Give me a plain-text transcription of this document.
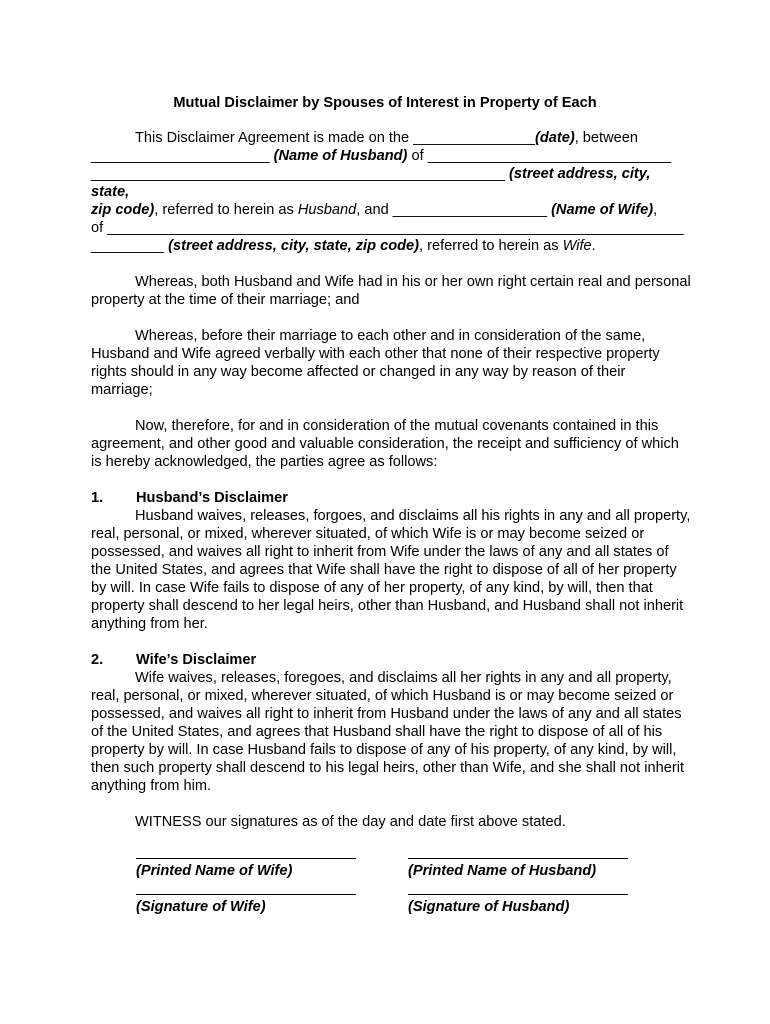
Mutual Disclaimer by Spouses of Interest in Property of Each

This Disclaimer Agreement is made on the _______________(date), between
______________________ (Name of Husband) of ______________________________
___________________________________________________ (street address, city, state,
zip code), referred to herein as Husband, and ___________________ (Name of Wife),
of _______________________________________________________________________
_________ (street address, city, state, zip code), referred to herein as Wife.

Whereas, both Husband and Wife had in his or her own right certain real and personal property at the time of their marriage; and

Whereas, before their marriage to each other and in consideration of the same, Husband and Wife agreed verbally with each other that none of their respective property rights should in any way become affected or changed in any way by reason of their marriage;

Now, therefore, for and in consideration of the mutual covenants contained in this agreement, and other good and valuable consideration, the receipt and sufficiency of which is hereby acknowledged, the parties agree as follows:

1. Husband’s Disclaimer

Husband waives, releases, forgoes, and disclaims all his rights in any and all property, real, personal, or mixed, wherever situated, of which Wife is or may become seized or possessed, and waives all right to inherit from Wife under the laws of any and all states of the United States, and agrees that Wife shall have the right to dispose of all of her property by will. In case Wife fails to dispose of any of her property, of any kind, by will, then that property shall descend to her legal heirs, other than Husband, and Husband shall not inherit anything from her.

2. Wife’s Disclaimer

Wife waives, releases, foregoes, and disclaims all her rights in any and all property, real, personal, or mixed, wherever situated, of which Husband is or may become seized or possessed, and waives all right to inherit from Husband under the laws of any and all states of the United States, and agrees that Husband shall have the right to dispose of all of his property by will. In case Husband fails to dispose of any of his property, of any kind, by will, then such property shall descend to his legal heirs, other than Wife, and she shall not inherit anything from him.

WITNESS our signatures as of the day and date first above stated.

(Printed Name of Wife)	(Printed Name of Husband)
(Signature of Wife)	(Signature of Husband)
